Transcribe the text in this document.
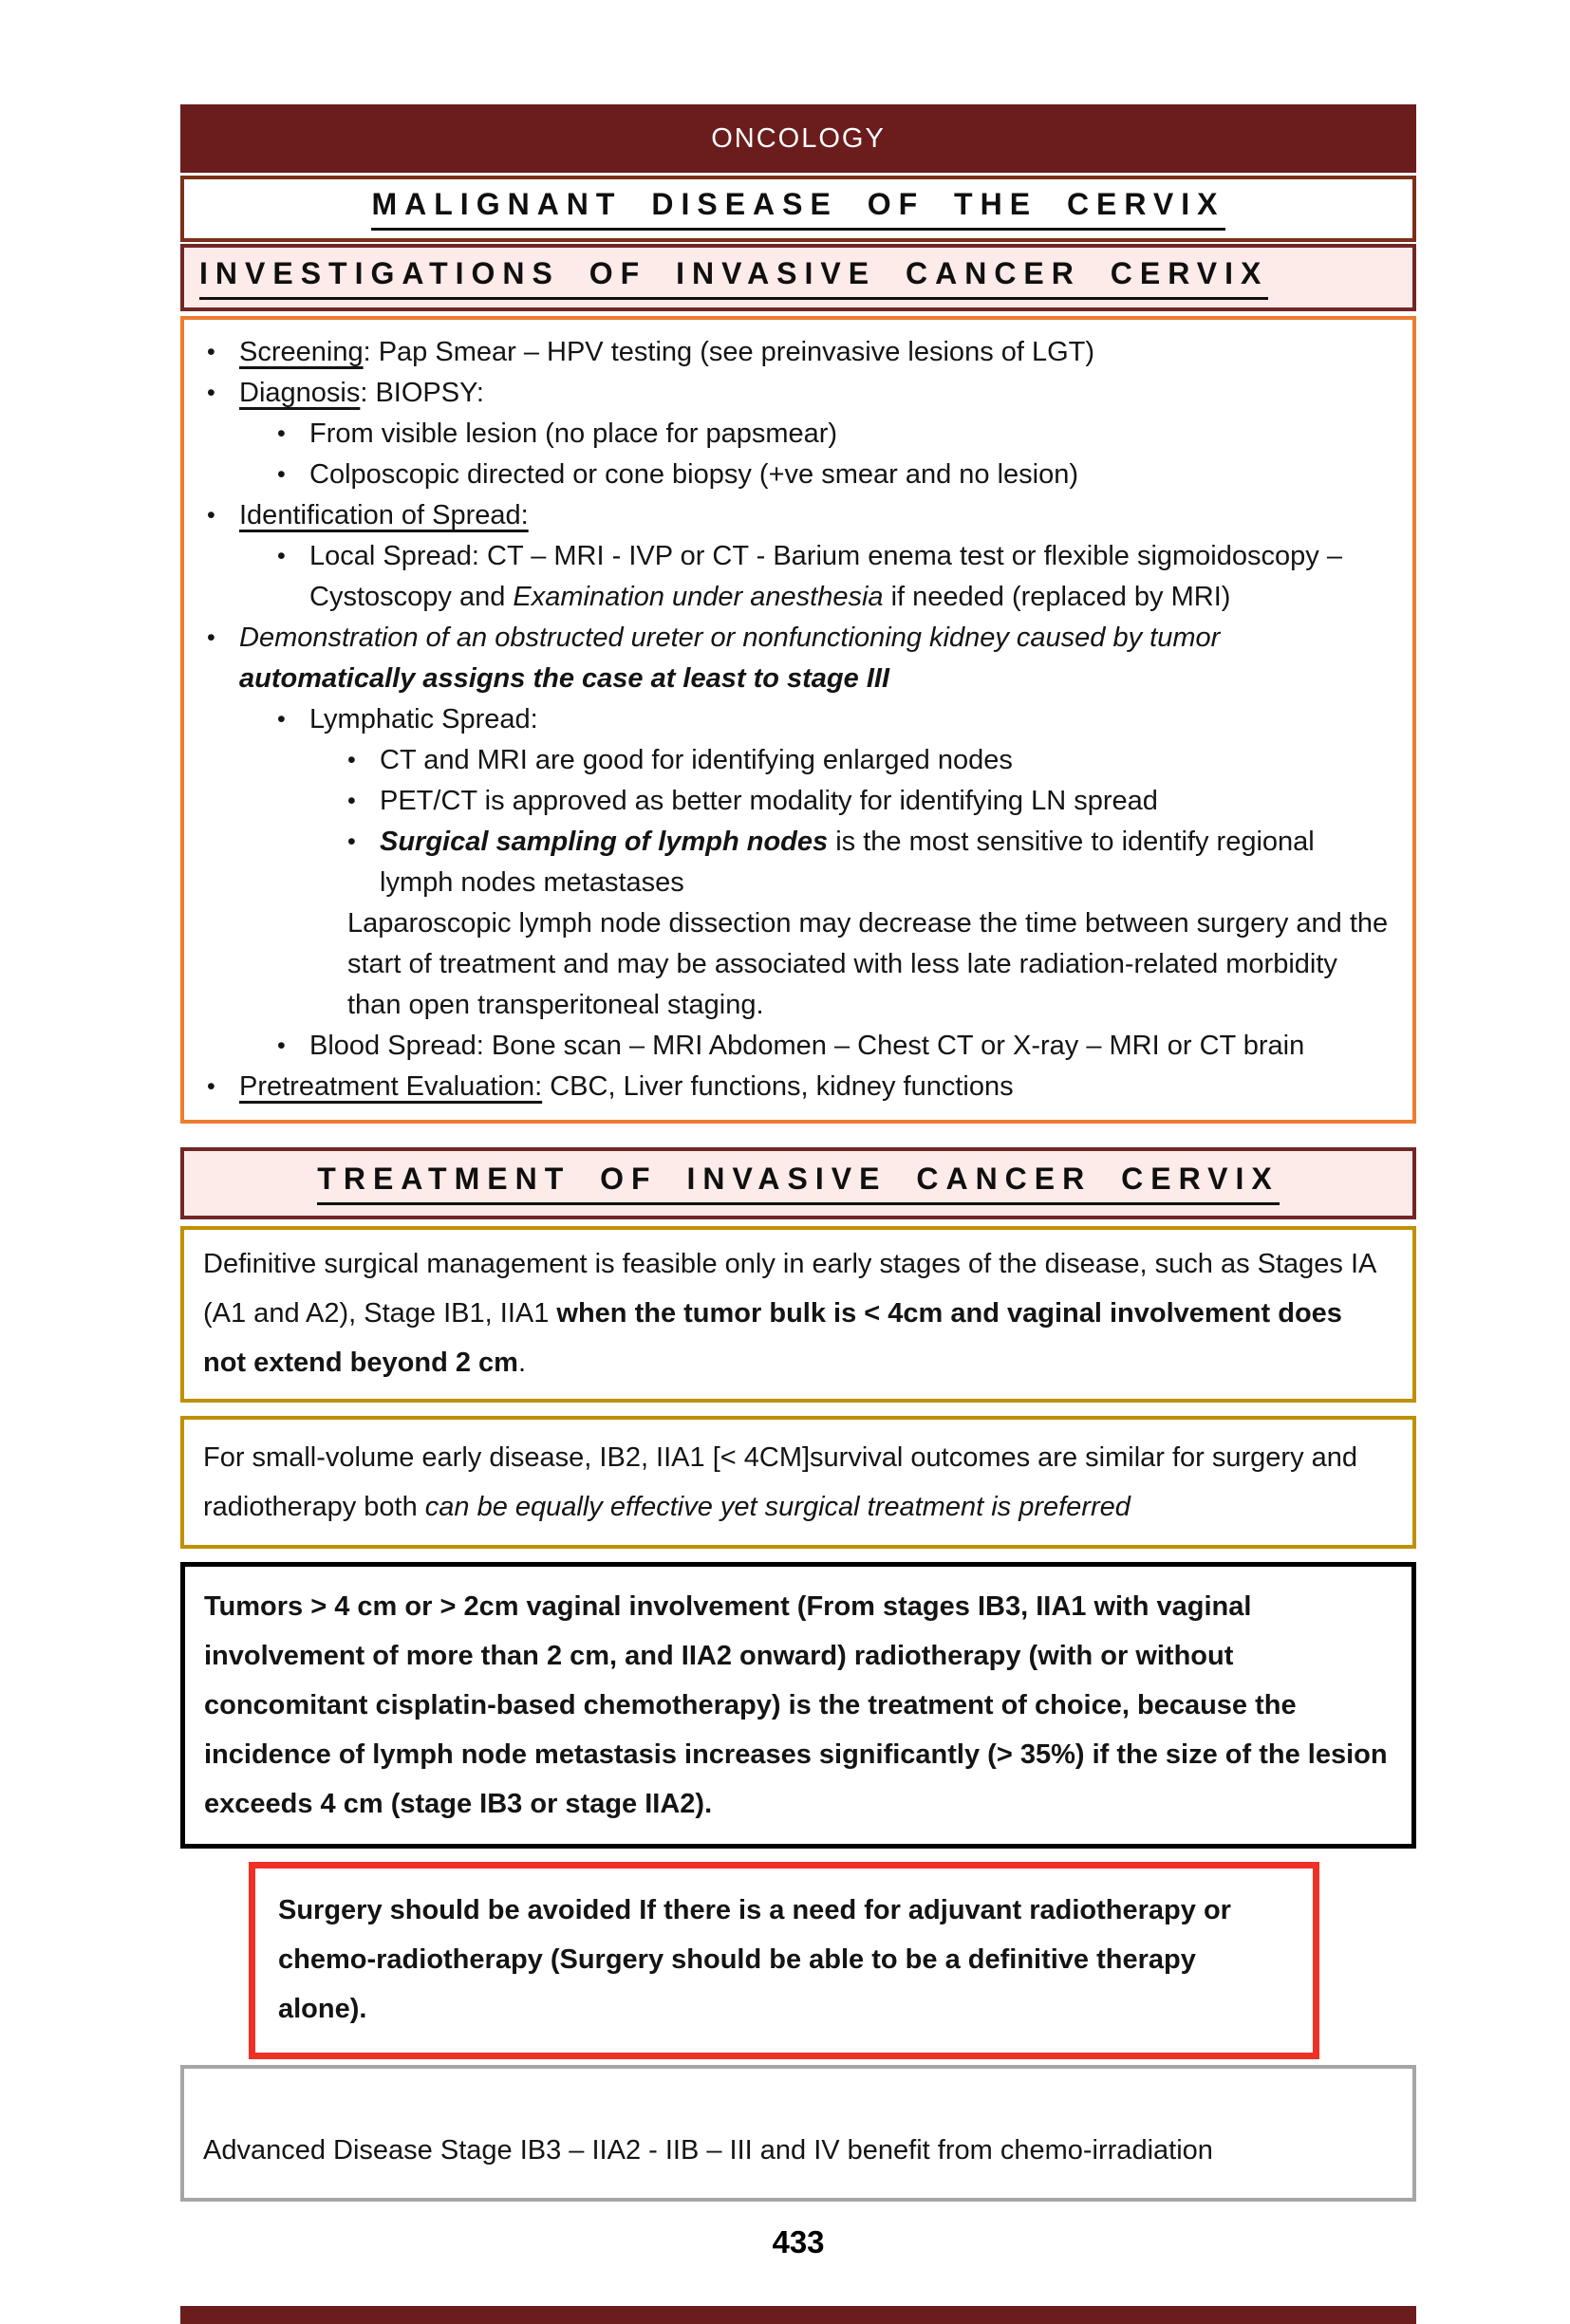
ONCOLOGY
MALIGNANT DISEASE OF THE CERVIX
INVESTIGATIONS OF INVASIVE CANCER CERVIX
• Screening: Pap Smear – HPV testing (see preinvasive lesions of LGT)
• Diagnosis: BIOPSY:
• From visible lesion (no place for papsmear)
• Colposcopic directed or cone biopsy (+ve smear and no lesion)
• Identification of Spread:
• Local Spread: CT – MRI - IVP or CT - Barium enema test or flexible sigmoidoscopy – Cystoscopy and Examination under anesthesia if needed (replaced by MRI)
• Demonstration of an obstructed ureter or nonfunctioning kidney caused by tumor
automatically assigns the case at least to stage III
• Lymphatic Spread:
• CT and MRI are good for identifying enlarged nodes
• PET/CT is approved as better modality for identifying LN spread
• Surgical sampling of lymph nodes is the most sensitive to identify regional lymph nodes metastases
Laparoscopic lymph node dissection may decrease the time between surgery and the start of treatment and may be associated with less late radiation-related morbidity than open transperitoneal staging.
• Blood Spread: Bone scan – MRI Abdomen – Chest CT or X-ray – MRI or CT brain
• Pretreatment Evaluation: CBC, Liver functions, kidney functions
TREATMENT OF INVASIVE CANCER CERVIX
Definitive surgical management is feasible only in early stages of the disease, such as Stages IA (A1 and A2), Stage IB1, IIA1 when the tumor bulk is < 4cm and vaginal involvement does not extend beyond 2 cm.
For small-volume early disease, IB2, IIA1 [< 4CM]survival outcomes are similar for surgery and radiotherapy both can be equally effective yet surgical treatment is preferred
Tumors > 4 cm or > 2cm vaginal involvement (From stages IB3, IIA1 with vaginal involvement of more than 2 cm, and IIA2 onward) radiotherapy (with or without concomitant cisplatin-based chemotherapy) is the treatment of choice, because the incidence of lymph node metastasis increases significantly (> 35%) if the size of the lesion exceeds 4 cm (stage IB3 or stage IIA2).
Surgery should be avoided If there is a need for adjuvant radiotherapy or chemo-radiotherapy (Surgery should be able to be a definitive therapy alone).
Advanced Disease Stage IB3 – IIA2 - IIB – III and IV benefit from chemo-irradiation
433
